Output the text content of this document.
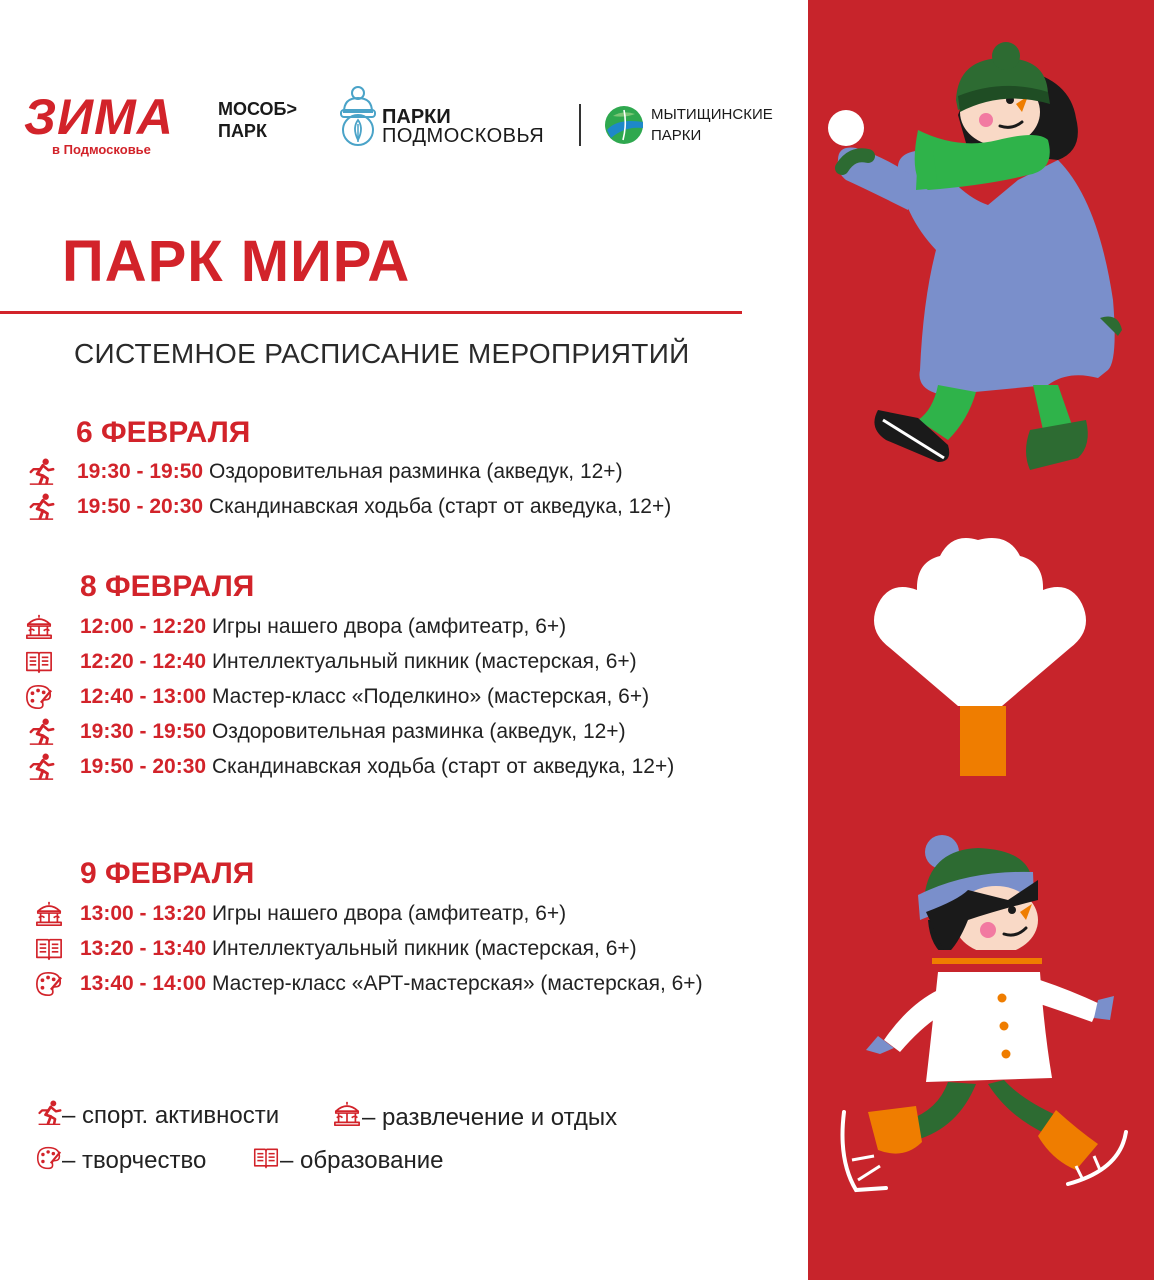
ЗИМА
в Подмосковье
МОСОБ>
ПАРК
ПАРКИ
ПОДМОСКОВЬЯ
МЫТИЩИНСКИЕ
ПАРКИ
ПАРК МИРА
СИСТЕМНОЕ РАСПИСАНИЕ МЕРОПРИЯТИЙ
6 ФЕВРАЛЯ
19:30 - 19:50 Оздоровительная разминка (акведук, 12+)
19:50 - 20:30 Скандинавская ходьба (старт от акведука, 12+)
8 ФЕВРАЛЯ
12:00 - 12:20 Игры нашего двора (амфитеатр, 6+)
12:20 - 12:40 Интеллектуальный пикник (мастерская, 6+)
12:40 - 13:00 Мастер-класс «Поделкино» (мастерская, 6+)
19:30 - 19:50 Оздоровительная разминка (акведук, 12+)
19:50 - 20:30 Скандинавская ходьба (старт от акведука, 12+)
9 ФЕВРАЛЯ
13:00 - 13:20 Игры нашего двора (амфитеатр, 6+)
13:20 - 13:40 Интеллектуальный пикник (мастерская, 6+)
13:40 - 14:00 Мастер-класс «АРТ-мастерская» (мастерская, 6+)
– спорт. активности	– развлечение и отдых
– творчество	– образование
